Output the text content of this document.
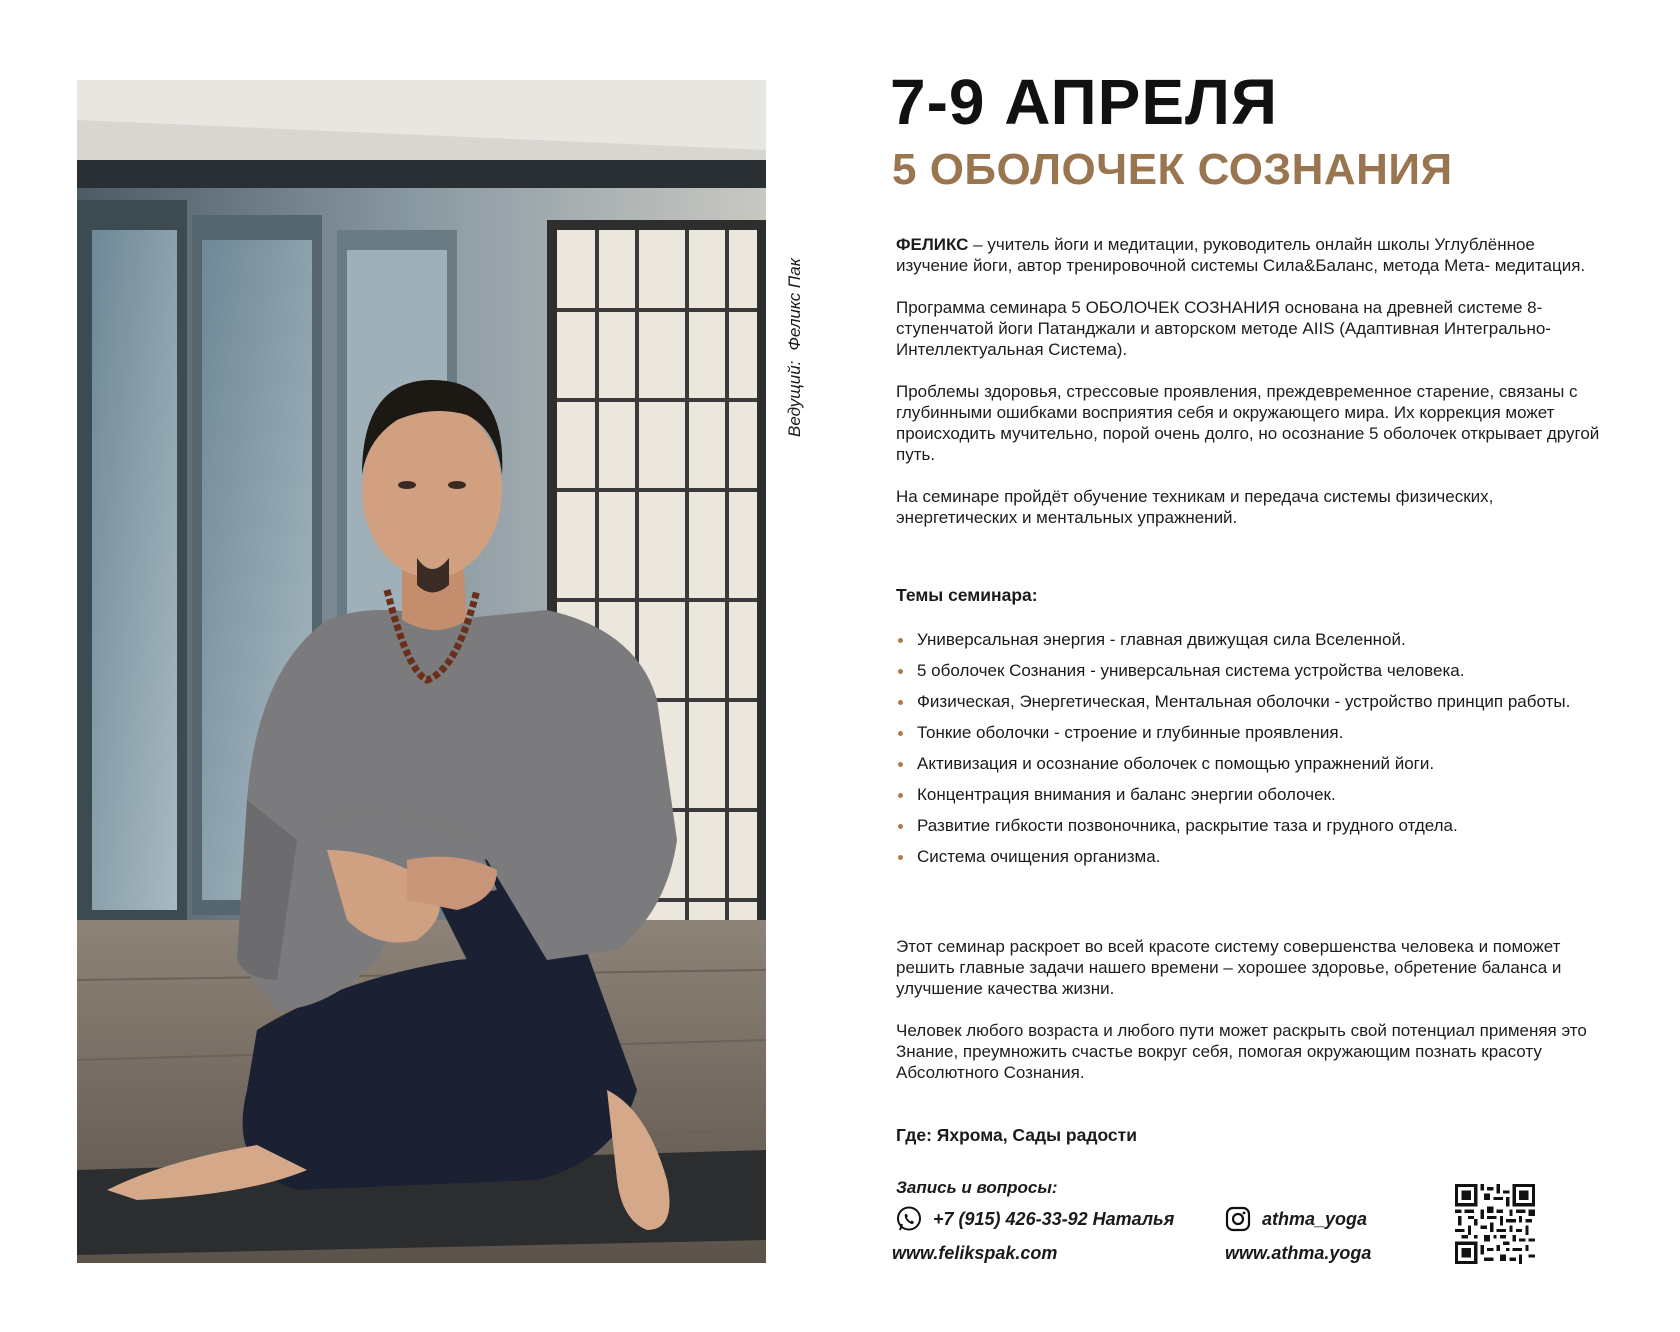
Ведущий:Феликс Пак
7-9 АПРЕЛЯ
5 ОБОЛОЧЕК СОЗНАНИЯ

ФЕЛИКС – учитель йоги и медитации, руководитель онлайн школы Углублённое изучение йоги, автор тренировочной системы Сила&Баланс, метода Мета- медитация.

Программа семинара 5 ОБОЛОЧЕК СОЗНАНИЯ основана на древней системе 8- ступенчатой йоги Патанджали и авторском методе AIIS (Адаптивная Интегрально- Интеллектуальная Система).

Проблемы здоровья, стрессовые проявления, преждевременное старение, связаны с глубинными ошибками восприятия себя и окружающего мира. Их коррекция может происходить мучительно, порой очень долго, но осознание 5 оболочек открывает другой путь.

На семинаре пройдёт обучение техникам и передача системы физических, энергетических и ментальных упражнений.

Темы семинара:
Универсальная энергия - главная движущая сила Вселенной.
5 оболочек Сознания - универсальная система устройства человека.
Физическая, Энергетическая, Ментальная оболочки - устройство принцип работы.
Тонкие оболочки - строение и глубинные проявления.
Активизация и осознание оболочек с помощью упражнений йоги.
Концентрация внимания и баланс энергии оболочек.
Развитие гибкости позвоночника, раскрытие таза и грудного отдела.
Система очищения организма.

Этот семинар раскроет во всей красоте систему совершенства человека и поможет решить главные задачи нашего времени – хорошее здоровье, обретение баланса и улучшение качества жизни.

Человек любого возраста и любого пути может раскрыть свой потенциал применяя это Знание, преумножить счастье вокруг себя, помогая окружающим познать красоту Абсолютного Сознания.

Где: Яхрома, Сады радости
Запись и вопросы:
+7 (915) 426-33-92 Наталья	athma_yoga
www.felikspak.com	www.athma.yoga
